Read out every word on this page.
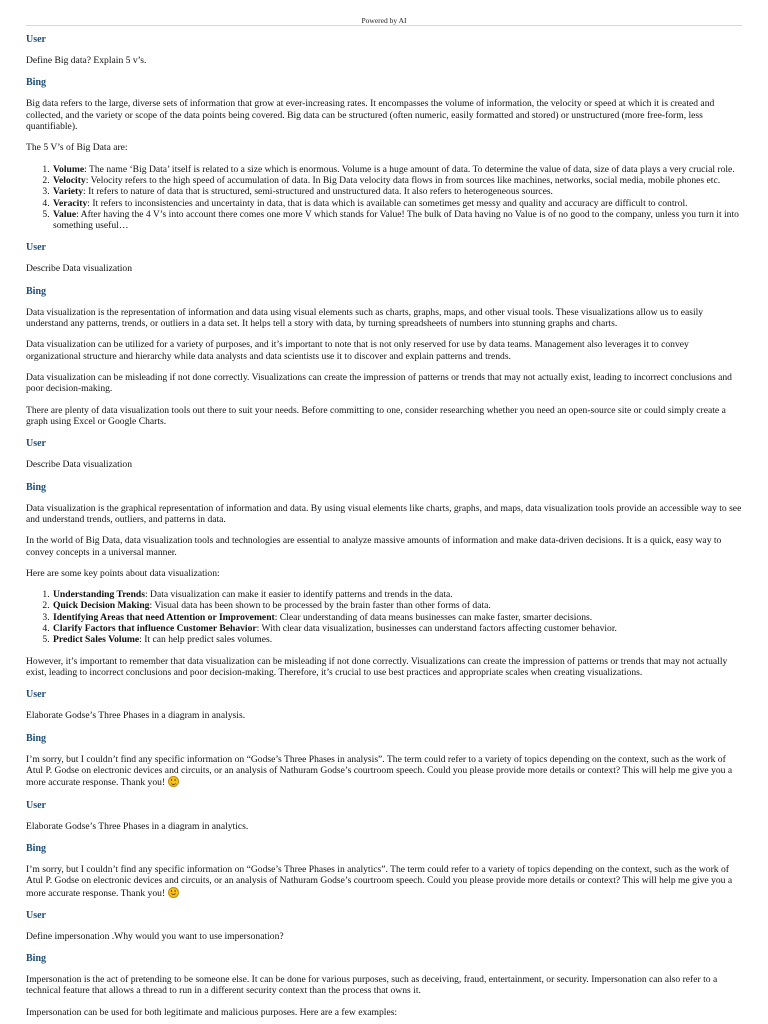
Powered by AI
User

Define Big data? Explain 5 v’s.

Bing

Big data refers to the large, diverse sets of information that grow at ever-increasing rates. It encompasses the volume of information, the velocity or speed at which it is created and collected, and the variety or scope of the data points being covered. Big data can be structured (often numeric, easily formatted and stored) or unstructured (more free-form, less quantifiable).

The 5 V’s of Big Data are:

1. Volume: The name ‘Big Data’ itself is related to a size which is enormous. Volume is a huge amount of data. To determine the value of data, size of data plays a very crucial role.
2. Velocity: Velocity refers to the high speed of accumulation of data. In Big Data velocity data flows in from sources like machines, networks, social media, mobile phones etc.
3. Variety: It refers to nature of data that is structured, semi-structured and unstructured data. It also refers to heterogeneous sources.
4. Veracity: It refers to inconsistencies and uncertainty in data, that is data which is available can sometimes get messy and quality and accuracy are difficult to control.
5. Value: After having the 4 V’s into account there comes one more V which stands for Value! The bulk of Data having no Value is of no good to the company, unless you turn it into something useful…
User

Describe Data visualization

Bing

Data visualization is the representation of information and data using visual elements such as charts, graphs, maps, and other visual tools. These visualizations allow us to easily understand any patterns, trends, or outliers in a data set. It helps tell a story with data, by turning spreadsheets of numbers into stunning graphs and charts.

Data visualization can be utilized for a variety of purposes, and it’s important to note that is not only reserved for use by data teams. Management also leverages it to convey organizational structure and hierarchy while data analysts and data scientists use it to discover and explain patterns and trends.

Data visualization can be misleading if not done correctly. Visualizations can create the impression of patterns or trends that may not actually exist, leading to incorrect conclusions and poor decision-making.

There are plenty of data visualization tools out there to suit your needs. Before committing to one, consider researching whether you need an open-source site or could simply create a graph using Excel or Google Charts.

User

Describe Data visualization

Bing

Data visualization is the graphical representation of information and data. By using visual elements like charts, graphs, and maps, data visualization tools provide an accessible way to see and understand trends, outliers, and patterns in data.

In the world of Big Data, data visualization tools and technologies are essential to analyze massive amounts of information and make data-driven decisions. It is a quick, easy way to convey concepts in a universal manner.

Here are some key points about data visualization:

1. Understanding Trends: Data visualization can make it easier to identify patterns and trends in the data.
2. Quick Decision Making: Visual data has been shown to be processed by the brain faster than other forms of data.
3. Identifying Areas that need Attention or Improvement: Clear understanding of data means businesses can make faster, smarter decisions.
4. Clarify Factors that influence Customer Behavior: With clear data visualization, businesses can understand factors affecting customer behavior.
5. Predict Sales Volume: It can help predict sales volumes.

However, it’s important to remember that data visualization can be misleading if not done correctly. Visualizations can create the impression of patterns or trends that may not actually exist, leading to incorrect conclusions and poor decision-making. Therefore, it’s crucial to use best practices and appropriate scales when creating visualizations.

User

Elaborate Godse’s Three Phases in a diagram in analysis.

Bing

I’m sorry, but I couldn’t find any specific information on “Godse’s Three Phases in analysis”. The term could refer to a variety of topics depending on the context, such as the work of Atul P. Godse on electronic devices and circuits, or an analysis of Nathuram Godse’s courtroom speech. Could you please provide more details or context? This will help me give you a more accurate response. Thank you!

User

Elaborate Godse’s Three Phases in a diagram in analytics.

Bing

I’m sorry, but I couldn’t find any specific information on “Godse’s Three Phases in analytics”. The term could refer to a variety of topics depending on the context, such as the work of Atul P. Godse on electronic devices and circuits, or an analysis of Nathuram Godse’s courtroom speech. Could you please provide more details or context? This will help me give you a more accurate response. Thank you!

User

Define impersonation .Why would you want to use impersonation?

Bing

Impersonation is the act of pretending to be someone else. It can be done for various purposes, such as deceiving, fraud, entertainment, or security. Impersonation can also refer to a technical feature that allows a thread to run in a different security context than the process that owns it.

Impersonation can be used for both legitimate and malicious purposes. Here are a few examples:
